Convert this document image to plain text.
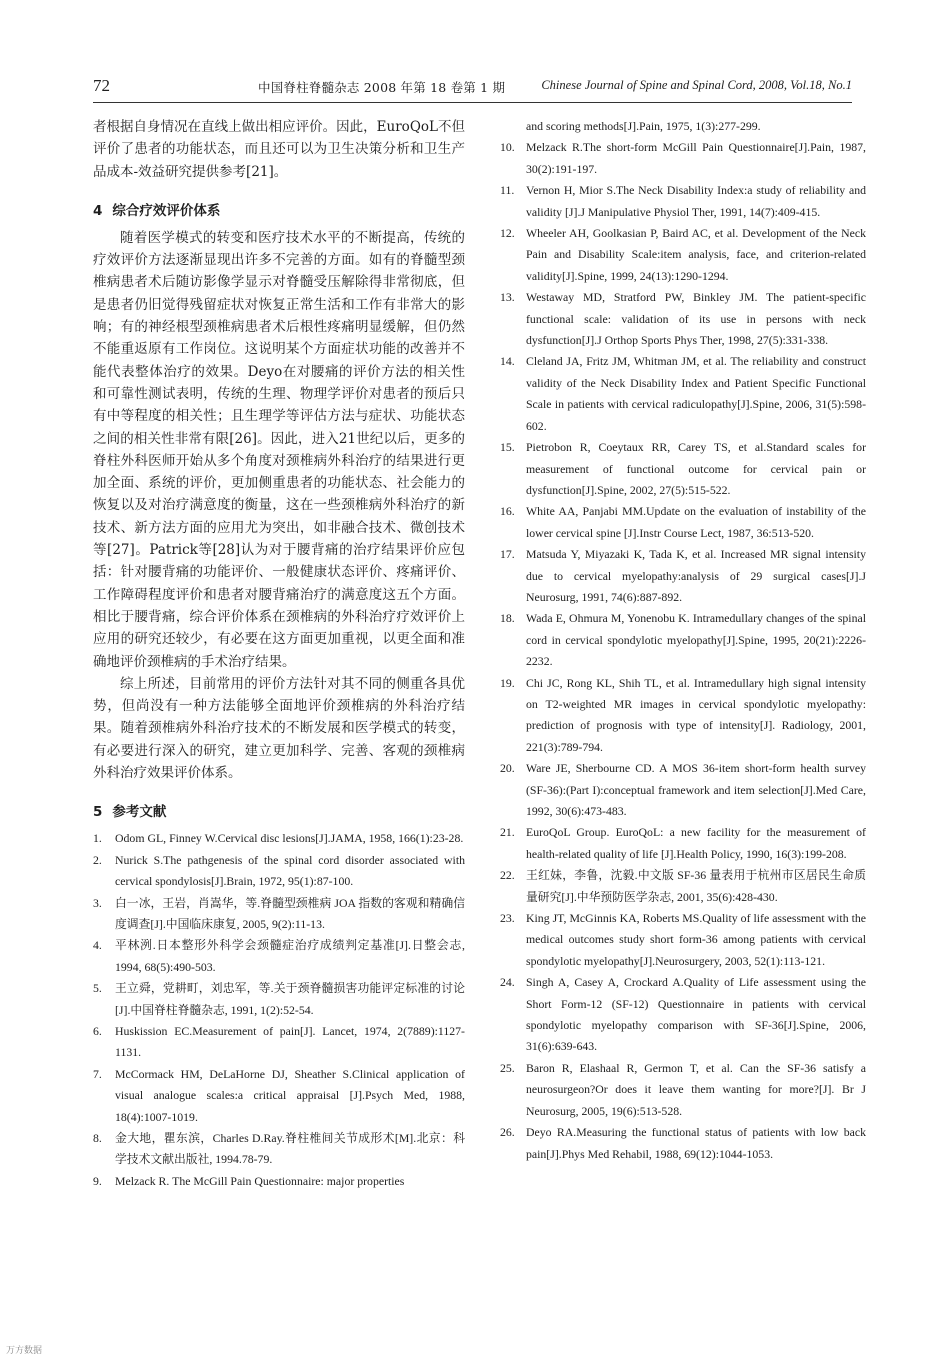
72	中国脊柱脊髓杂志 2008 年第 18 卷第 1 期	Chinese Journal of Spine and Spinal Cord, 2008, Vol.18, No.1

者根据自身情况在直线上做出相应评价。因此，EuroQoL不但评价了患者的功能状态，而且还可以为卫生决策分析和卫生产品成本-效益研究提供参考[21]。

4 综合疗效评价体系

随着医学模式的转变和医疗技术水平的不断提高，传统的疗效评价方法逐渐显现出许多不完善的方面。如有的脊髓型颈椎病患者术后随访影像学显示对脊髓受压解除得非常彻底，但是患者仍旧觉得残留症状对恢复正常生活和工作有非常大的影响；有的神经根型颈椎病患者术后根性疼痛明显缓解，但仍然不能重返原有工作岗位。这说明某个方面症状功能的改善并不能代表整体治疗的效果。Deyo在对腰痛的评价方法的相关性和可靠性测试表明，传统的生理、物理学评价对患者的预后只有中等程度的相关性；且生理学等评估方法与症状、功能状态之间的相关性非常有限[26]。因此，进入21世纪以后，更多的脊柱外科医师开始从多个角度对颈椎病外科治疗的结果进行更加全面、系统的评价，更加侧重患者的功能状态、社会能力的恢复以及对治疗满意度的衡量，这在一些颈椎病外科治疗的新技术、新方法方面的应用尤为突出，如非融合技术、微创技术等[27]。Patrick等[28]认为对于腰背痛的治疗结果评价应包括：针对腰背痛的功能评价、一般健康状态评价、疼痛评价、工作障碍程度评价和患者对腰背痛治疗的满意度这五个方面。相比于腰背痛，综合评价体系在颈椎病的外科治疗疗效评价上应用的研究还较少，有必要在这方面更加重视，以更全面和准确地评价颈椎病的手术治疗结果。

综上所述，目前常用的评价方法针对其不同的侧重各具优势，但尚没有一种方法能够全面地评价颈椎病的外科治疗结果。随着颈椎病外科治疗技术的不断发展和医学模式的转变，有必要进行深入的研究，建立更加科学、完善、客观的颈椎病外科治疗效果评价体系。

5 参考文献
1. Odom GL, Finney W.Cervical disc lesions[J].JAMA, 1958, 166(1):23-28.
2. Nurick S.The pathgenesis of the spinal cord disorder associated with cervical spondylosis[J].Brain, 1972, 95(1):87-100.
3. 白一冰，王岩，肖嵩华，等.脊髓型颈椎病 JOA 指数的客观和精确信度调查[J].中国临床康复, 2005, 9(2):11-13.
4. 平林洌.日本整形外科学会颈髓症治疗成绩判定基准[J].日整会志, 1994, 68(5):490-503.
5. 王立舜，党耕町，刘忠军，等.关于颈脊髓损害功能评定标准的讨论[J].中国脊柱脊髓杂志, 1991, 1(2):52-54.
6. Huskission EC.Measurement of pain[J]. Lancet, 1974, 2(7889):1127-1131.
7. McCormack HM, DeLaHorne DJ, Sheather S.Clinical application of visual analogue scales:a critical appraisal [J].Psych Med, 1988, 18(4):1007-1019.
8. 金大地，瞿东滨，Charles D.Ray.脊柱椎间关节成形术[M].北京：科学技术文献出版社, 1994.78-79.
9. Melzack R. The McGill Pain Questionnaire: major properties
and scoring methods[J].Pain, 1975, 1(3):277-299.
10. Melzack R.The short-form McGill Pain Questionnaire[J].Pain, 1987, 30(2):191-197.
11. Vernon H, Mior S.The Neck Disability Index:a study of reliability and validity [J].J Manipulative Physiol Ther, 1991, 14(7):409-415.
12. Wheeler AH, Goolkasian P, Baird AC, et al. Development of the Neck Pain and Disability Scale:item analysis, face, and criterion-related validity[J].Spine, 1999, 24(13):1290-1294.
13. Westaway MD, Stratford PW, Binkley JM. The patient-specific functional scale: validation of its use in persons with neck dysfunction[J].J Orthop Sports Phys Ther, 1998, 27(5):331-338.
14. Cleland JA, Fritz JM, Whitman JM, et al. The reliability and construct validity of the Neck Disability Index and Patient Specific Functional Scale in patients with cervical radiculopathy[J].Spine, 2006, 31(5):598-602.
15. Pietrobon R, Coeytaux RR, Carey TS, et al.Standard scales for measurement of functional outcome for cervical pain or dysfunction[J].Spine, 2002, 27(5):515-522.
16. White AA, Panjabi MM.Update on the evaluation of instability of the lower cervical spine [J].Instr Course Lect, 1987, 36:513-520.
17. Matsuda Y, Miyazaki K, Tada K, et al. Increased MR signal intensity due to cervical myelopathy:analysis of 29 surgical cases[J].J Neurosurg, 1991, 74(6):887-892.
18. Wada E, Ohmura M, Yonenobu K. Intramedullary changes of the spinal cord in cervical spondylotic myelopathy[J].Spine, 1995, 20(21):2226-2232.
19. Chi JC, Rong KL, Shih TL, et al. Intramedullary high signal intensity on T2-weighted MR images in cervical spondylotic myelopathy: prediction of prognosis with type of intensity[J]. Radiology, 2001, 221(3):789-794.
20. Ware JE, Sherbourne CD. A MOS 36-item short-form health survey (SF-36):(Part I):conceptual framework and item selection[J].Med Care, 1992, 30(6):473-483.
21. EuroQoL Group. EuroQoL: a new facility for the measurement of health-related quality of life [J].Health Policy, 1990, 16(3):199-208.
22. 王红妹，李鲁，沈毅.中文版 SF-36 量表用于杭州市区居民生命质量研究[J].中华预防医学杂志, 2001, 35(6):428-430.
23. King JT, McGinnis KA, Roberts MS.Quality of life assessment with the medical outcomes study short form-36 among patients with cervical spondylotic myelopathy[J].Neurosurgery, 2003, 52(1):113-121.
24. Singh A, Casey A, Crockard A.Quality of Life assessment using the Short Form-12 (SF-12) Questionnaire in patients with cervical spondylotic myelopathy comparison with SF-36[J].Spine, 2006, 31(6):639-643.
25. Baron R, Elashaal R, Germon T, et al. Can the SF-36 satisfy a neurosurgeon?Or does it leave them wanting for more?[J]. Br J Neurosurg, 2005, 19(6):513-528.
26. Deyo RA.Measuring the functional status of patients with low back pain[J].Phys Med Rehabil, 1988, 69(12):1044-1053.
万方数据
